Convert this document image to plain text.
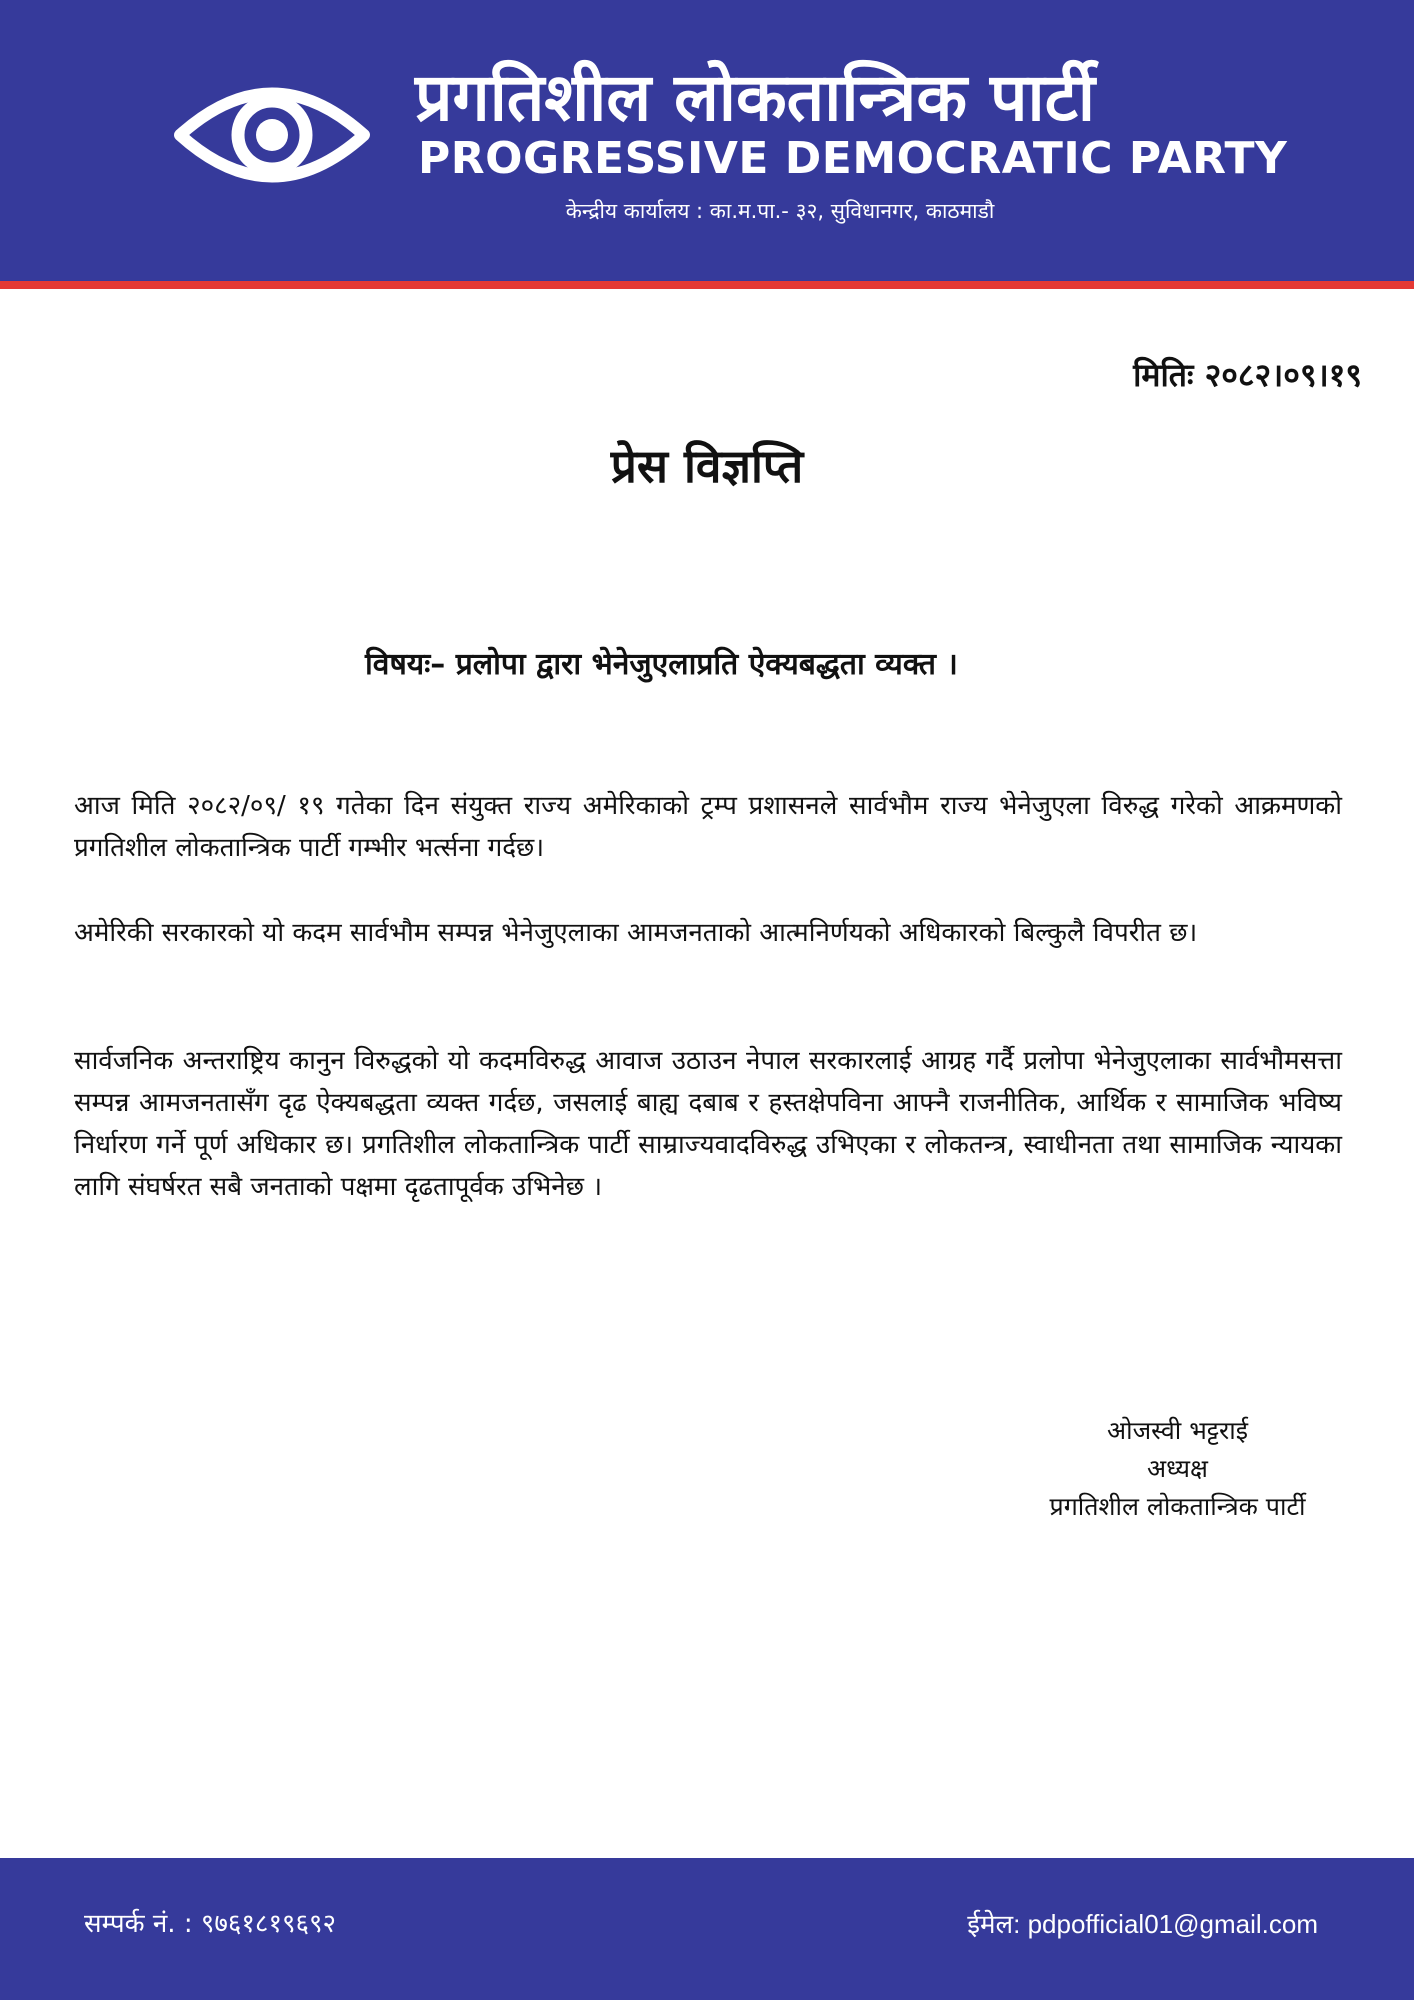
प्रगतिशील लोकतान्त्रिक पार्टी
PROGRESSIVE DEMOCRATIC PARTY
केन्द्रीय कार्यालय : का.म.पा.- ३२, सुविधानगर, काठमाडौ
मितिः २०८२।०९।१९
प्रेस विज्ञप्ति
विषयः– प्रलोपा द्वारा भेनेजुएलाप्रति ऐक्यबद्धता व्यक्त ।
आज मिति २०८२/०९/ १९ गतेका दिन संयुक्त राज्य अमेरिकाको ट्रम्प प्रशासनले सार्वभौम राज्य भेनेजुएला विरुद्ध गरेको आक्रमणको प्रगतिशील लोकतान्त्रिक पार्टी गम्भीर भर्त्सना गर्दछ।
अमेरिकी सरकारको यो कदम सार्वभौम सम्पन्न भेनेजुएलाका आमजनताको आत्मनिर्णयको अधिकारको बिल्कुलै विपरीत छ।
सार्वजनिक अन्तराष्ट्रिय कानुन विरुद्धको यो कदमविरुद्ध आवाज उठाउन नेपाल सरकारलाई आग्रह गर्दै प्रलोपा भेनेजुएलाका सार्वभौमसत्ता सम्पन्न आमजनतासँग दृढ ऐक्यबद्धता व्यक्त गर्दछ, जसलाई बाह्य दबाब र हस्तक्षेपविना आफ्नै राजनीतिक, आर्थिक र सामाजिक भविष्य निर्धारण गर्ने पूर्ण अधिकार छ। प्रगतिशील लोकतान्त्रिक पार्टी साम्राज्यवादविरुद्ध उभिएका र लोकतन्त्र, स्वाधीनता तथा सामाजिक न्यायका लागि संघर्षरत सबै जनताको पक्षमा दृढतापूर्वक उभिनेछ ।
ओजस्वी भट्टराई
अध्यक्ष
प्रगतिशील लोकतान्त्रिक पार्टी
सम्पर्क नं. : ९७६१८१९६९२	ईमेल: pdpofficial01@gmail.com
